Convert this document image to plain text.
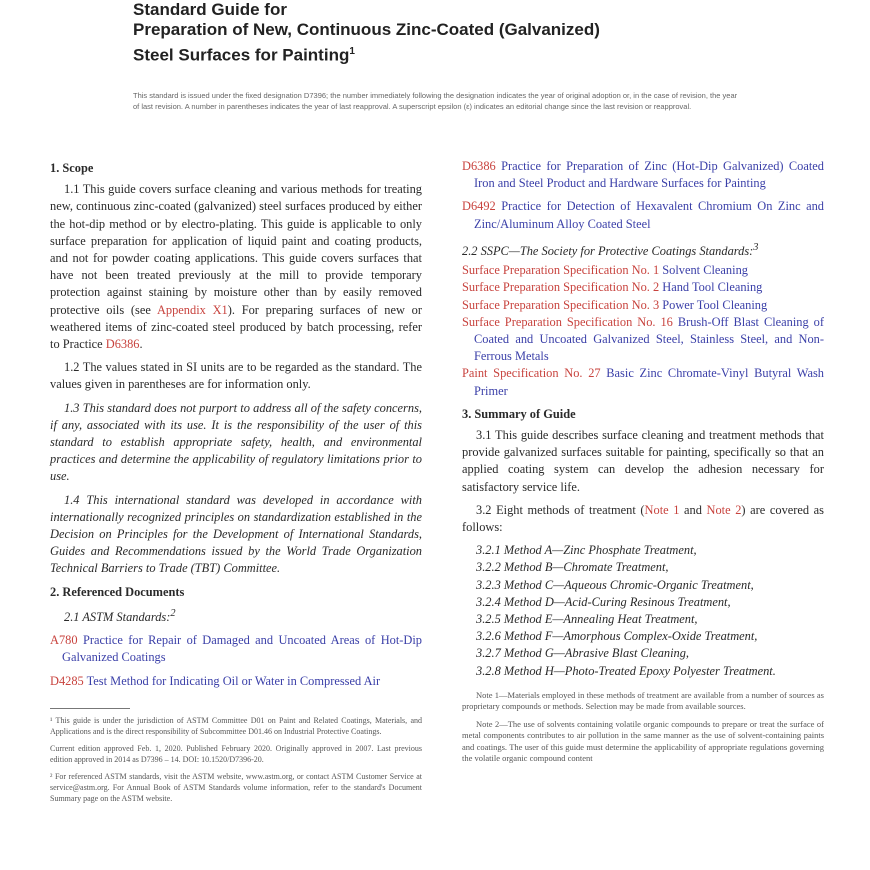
Standard Guide for
Preparation of New, Continuous Zinc-Coated (Galvanized)
Steel Surfaces for Painting$^1$
This standard is issued under the fixed designation D7396; the number immediately following the designation indicates the year of original adoption or, in the case of revision, the year of last revision. A number in parentheses indicates the year of last reapproval. A superscript epsilon (ε) indicates an editorial change since the last revision or reapproval.
1. Scope

1.1 This guide covers surface cleaning and various methods for treating new, continuous zinc-coated (galvanized) steel surfaces produced by either the hot-dip method or by electro-plating. This guide is applicable to only surface preparation for application of liquid paint and coating products, and not for powder coating applications. This guide covers surfaces that have not been treated previously at the mill to provide temporary protection against staining by moisture other than by easily removed protective oils (see Appendix X1). For preparing surfaces of new or weathered items of zinc-coated steel produced by batch processing, refer to Practice D6386.

1.2 The values stated in SI units are to be regarded as the standard. The values given in parentheses are for information only.

1.3 This standard does not purport to address all of the safety concerns, if any, associated with its use. It is the responsibility of the user of this standard to establish appropriate safety, health, and environmental practices and determine the applicability of regulatory limitations prior to use.

1.4 This international standard was developed in accordance with internationally recognized principles on standardization established in the Decision on Principles for the Development of International Standards, Guides and Recommendations issued by the World Trade Organization Technical Barriers to Trade (TBT) Committee.

2. Referenced Documents

2.1 ASTM Standards:$^2$

A780 Practice for Repair of Damaged and Uncoated Areas of Hot-Dip Galvanized Coatings

D4285 Test Method for Indicating Oil or Water in Compressed Air

¹ This guide is under the jurisdiction of ASTM Committee D01 on Paint and Related Coatings, Materials, and Applications and is the direct responsibility of Subcommittee D01.46 on Industrial Protective Coatings.

Current edition approved Feb. 1, 2020. Published February 2020. Originally approved in 2007. Last previous edition approved in 2014 as D7396 – 14. DOI: 10.1520/D7396-20.

² For referenced ASTM standards, visit the ASTM website, www.astm.org, or contact ASTM Customer Service at service@astm.org. For Annual Book of ASTM Standards volume information, refer to the standard's Document Summary page on the ASTM website.

D6386 Practice for Preparation of Zinc (Hot-Dip Galvanized) Coated Iron and Steel Product and Hardware Surfaces for Painting

D6492 Practice for Detection of Hexavalent Chromium On Zinc and Zinc/Aluminum Alloy Coated Steel

2.2 SSPC—The Society for Protective Coatings Standards:$^3$

Surface Preparation Specification No. 1 Solvent Cleaning

Surface Preparation Specification No. 2 Hand Tool Cleaning

Surface Preparation Specification No. 3 Power Tool Cleaning

Surface Preparation Specification No. 16 Brush-Off Blast Cleaning of Coated and Uncoated Galvanized Steel, Stainless Steel, and Non-Ferrous Metals

Paint Specification No. 27 Basic Zinc Chromate-Vinyl Butyral Wash Primer

3. Summary of Guide

3.1 This guide describes surface cleaning and treatment methods that provide galvanized surfaces suitable for painting, specifically so that an applied coating system can develop the adhesion necessary for satisfactory service life.

3.2 Eight methods of treatment (Note 1 and Note 2) are covered as follows:

3.2.1 Method A—Zinc Phosphate Treatment,

3.2.2 Method B—Chromate Treatment,

3.2.3 Method C—Aqueous Chromic-Organic Treatment,

3.2.4 Method D—Acid-Curing Resinous Treatment,

3.2.5 Method E—Annealing Heat Treatment,

3.2.6 Method F—Amorphous Complex-Oxide Treatment,

3.2.7 Method G—Abrasive Blast Cleaning,

3.2.8 Method H—Photo-Treated Epoxy Polyester Treatment.

Note 1—Materials employed in these methods of treatment are available from a number of sources as proprietary compounds or methods. Selection may be made from available sources.

Note 2—The use of solvents containing volatile organic compounds to prepare or treat the surface of metal components contributes to air pollution in the same manner as the use of solvent-containing paints and coatings. The user of this guide must determine the applicability of appropriate regulations governing the volatile organic compound content
